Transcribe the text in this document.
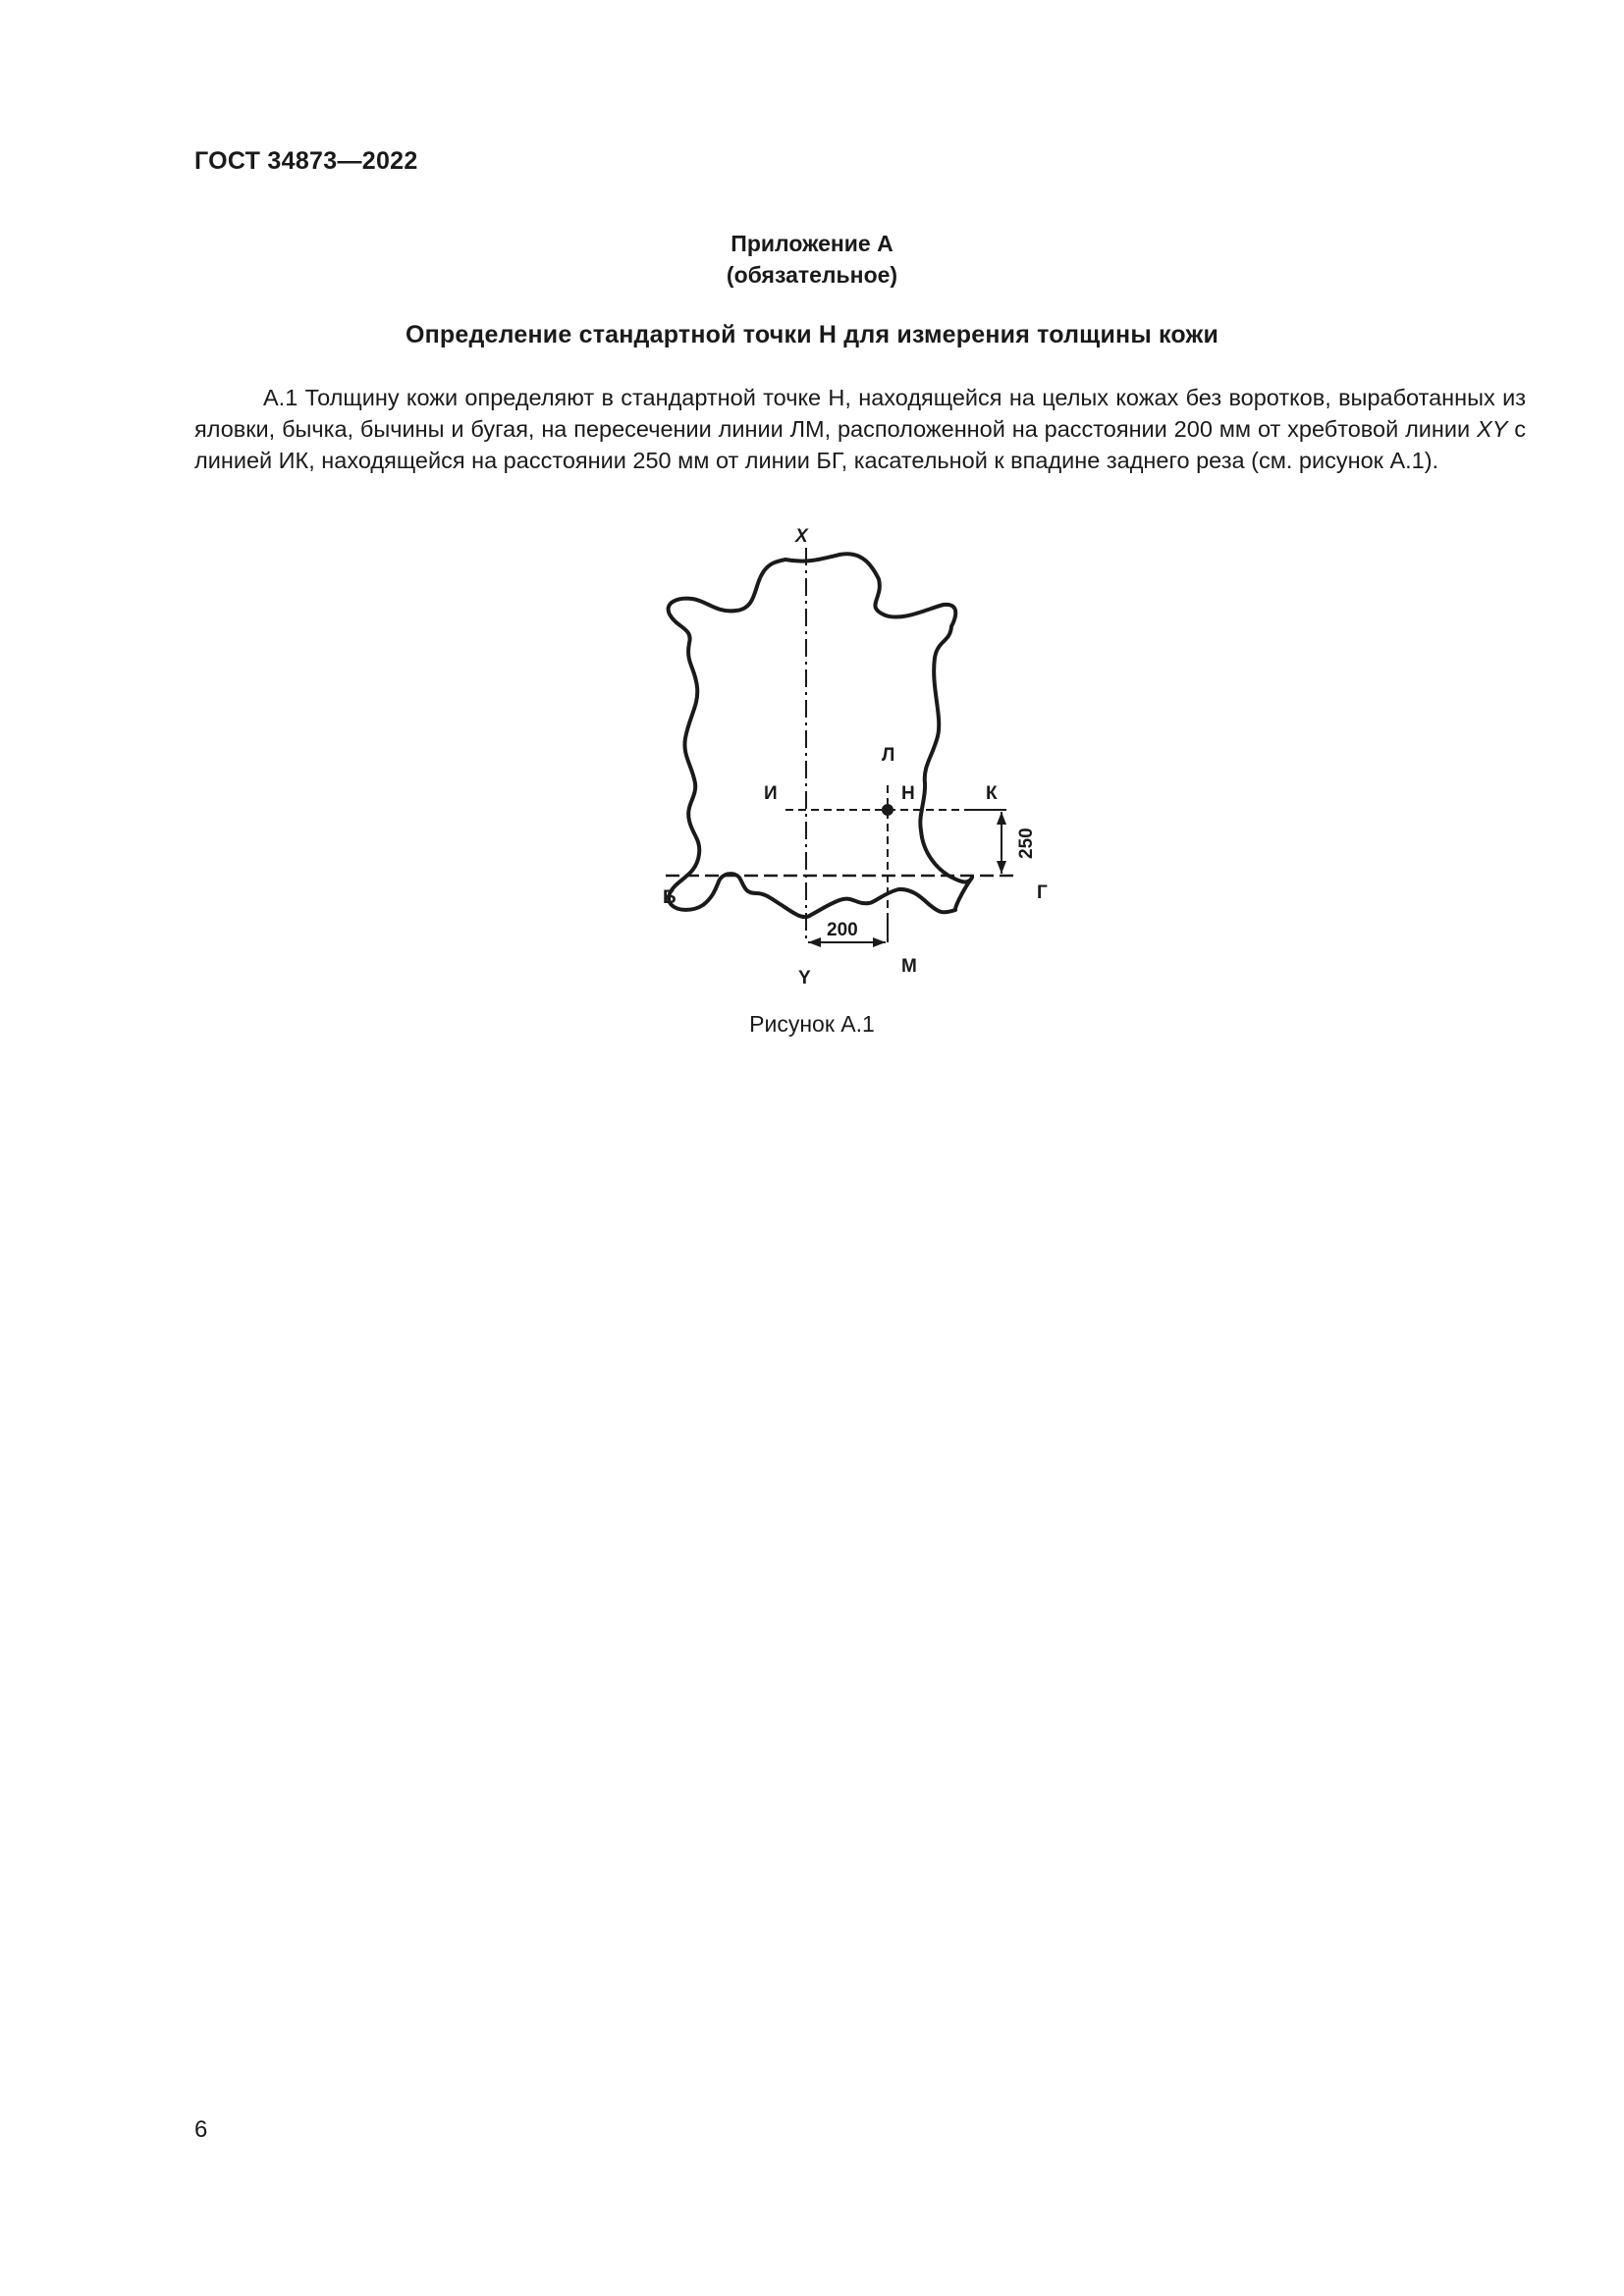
ГОСТ 34873—2022
Приложение А
(обязательное)
Определение стандартной точки Н для измерения толщины кожи

А.1 Толщину кожи определяют в стандартной точке Н, находящейся на целых кожах без воротков, выработанных из яловки, бычка, бычины и бугая, на пересечении линии ЛМ, расположенной на расстоянии 200 мм от хребтовой линии XY с линией ИК, находящейся на расстоянии 250 мм от линии БГ, касательной к впадине заднего реза (см. рисунок А.1).

X
Y
Л
М
И	Н	К
Б	Г
250
200
Рисунок А.1
6
